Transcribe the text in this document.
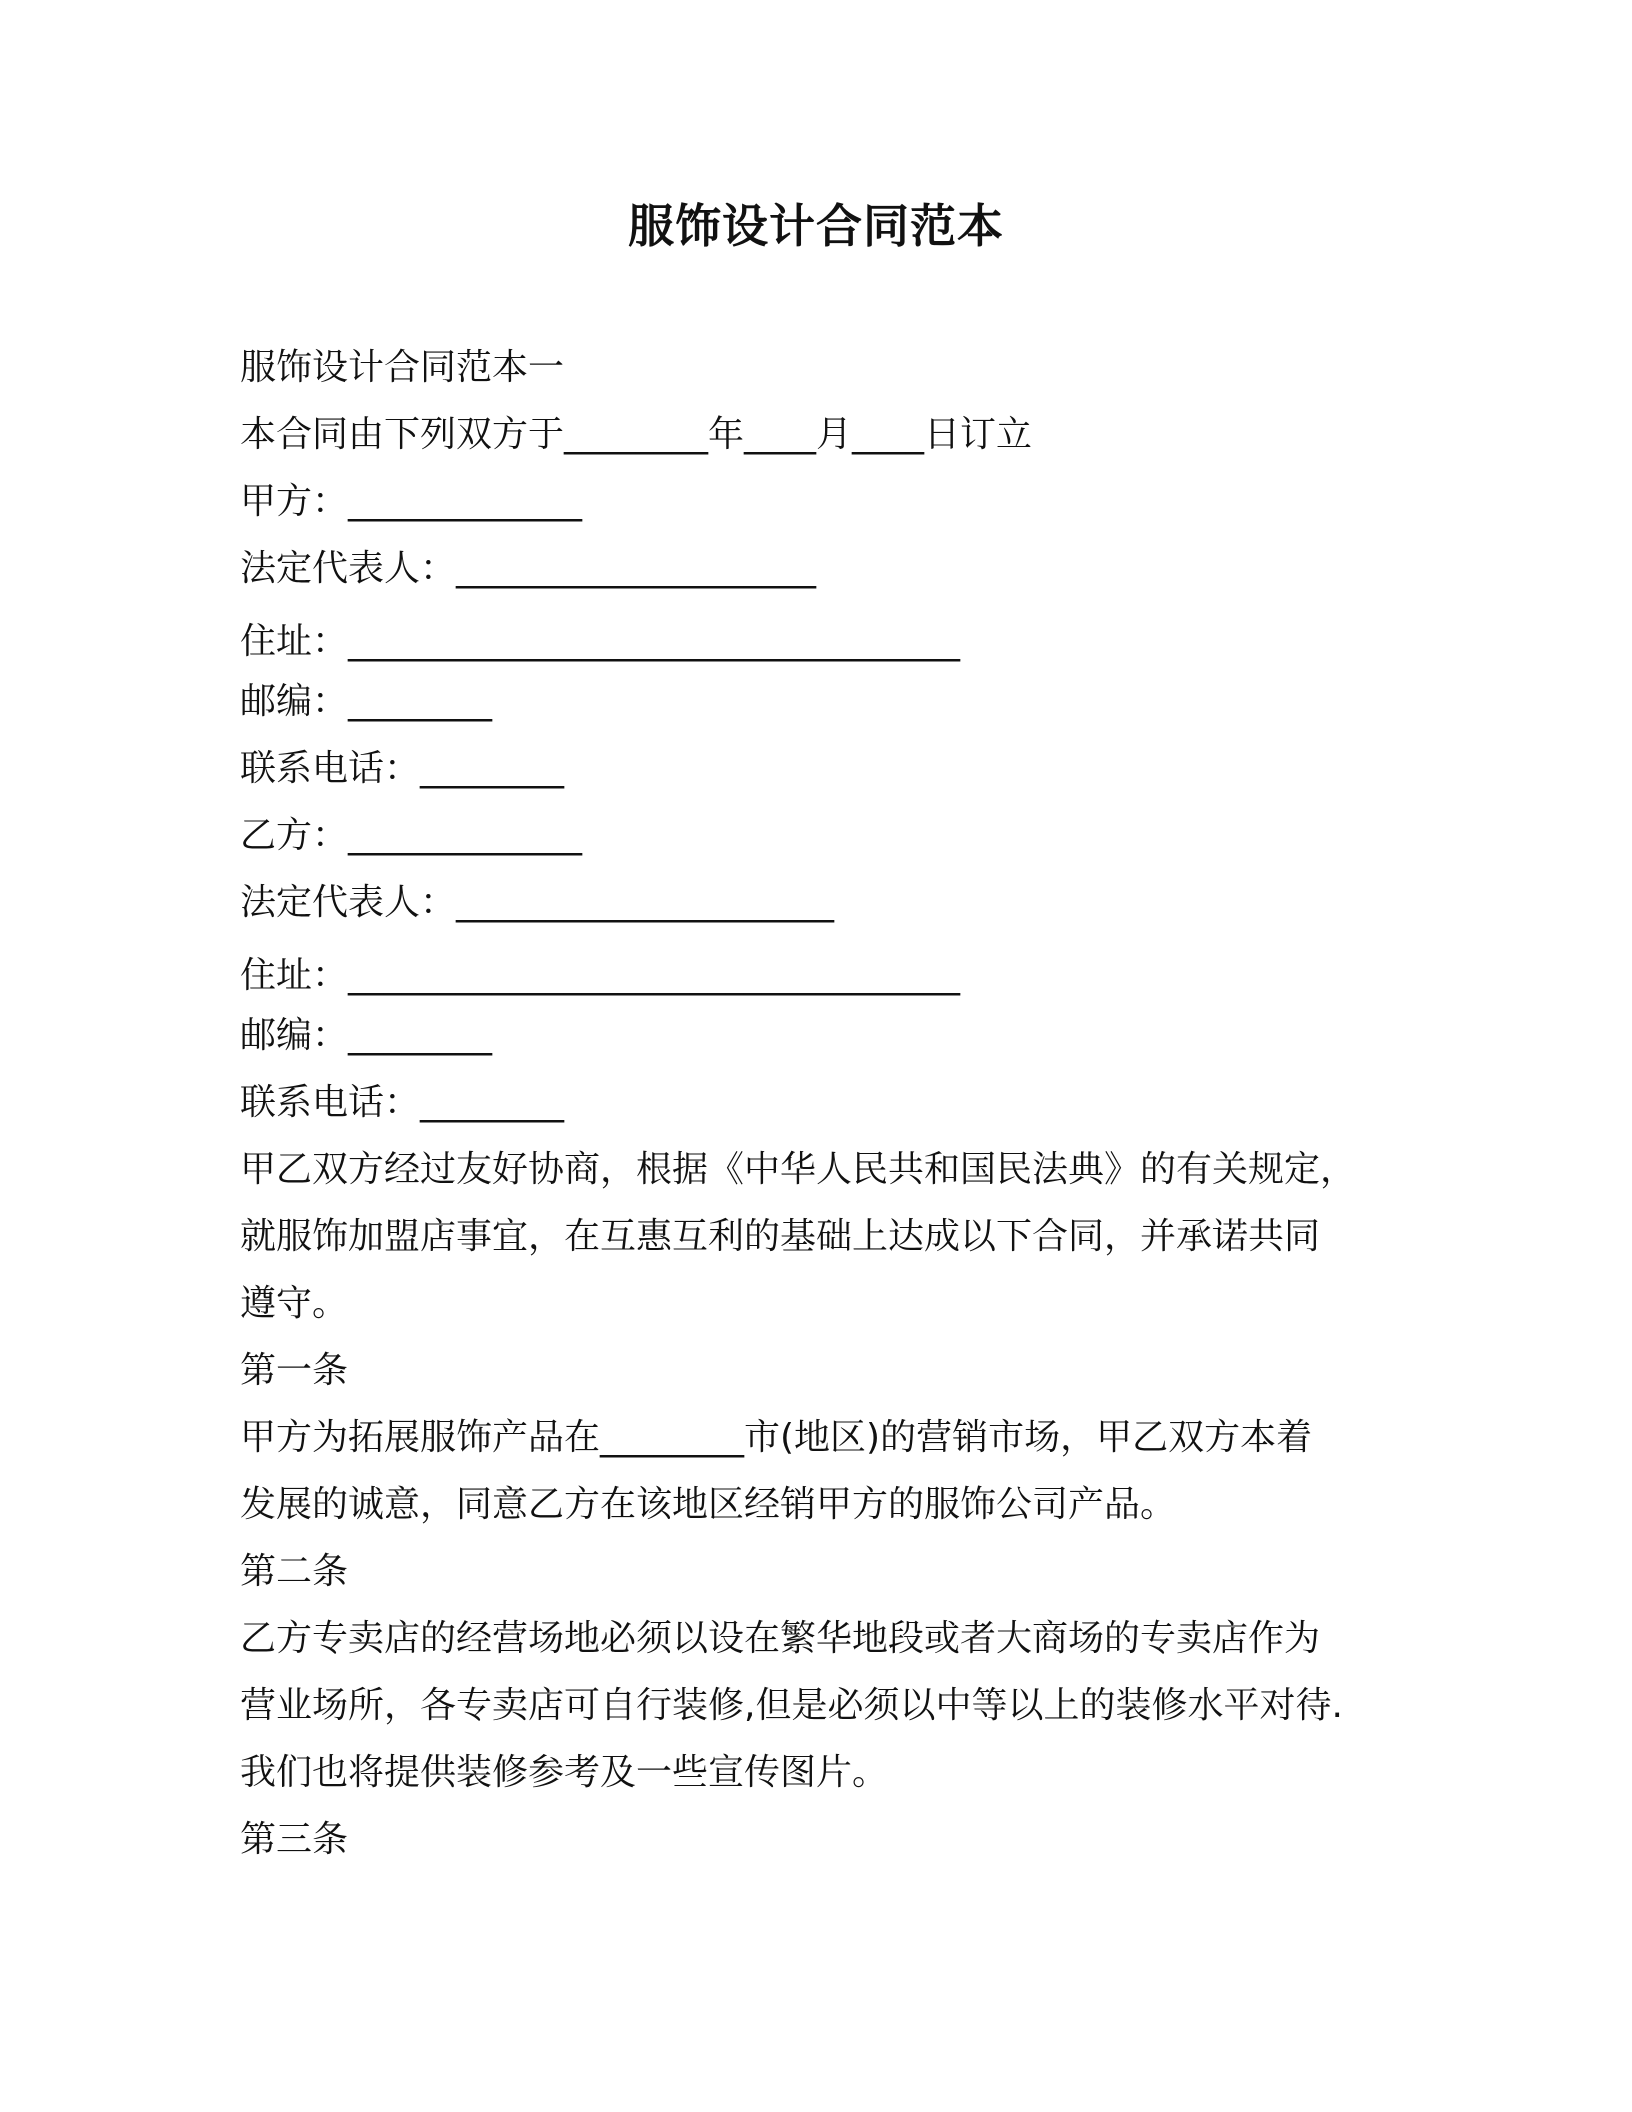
服饰设计合同范本
服饰设计合同范本一
本合同由下列双方于________年____月____日订立
甲方：_____________
法定代表人：____________________
住址：__________________________________
邮编：________
联系电话：________
乙方：_____________
法定代表人：_____________________
住址：__________________________________
邮编：________
联系电话：________
甲乙双方经过友好协商，根据《中华人民共和国民法典》的有关规定，
就服饰加盟店事宜，在互惠互利的基础上达成以下合同，并承诺共同
遵守。
第一条
甲方为拓展服饰产品在________市(地区)的营销市场，甲乙双方本着
发展的诚意，同意乙方在该地区经销甲方的服饰公司产品。
第二条
乙方专卖店的经营场地必须以设在繁华地段或者大商场的专卖店作为
营业场所，各专卖店可自行装修,但是必须以中等以上的装修水平对待.
我们也将提供装修参考及一些宣传图片。
第三条
